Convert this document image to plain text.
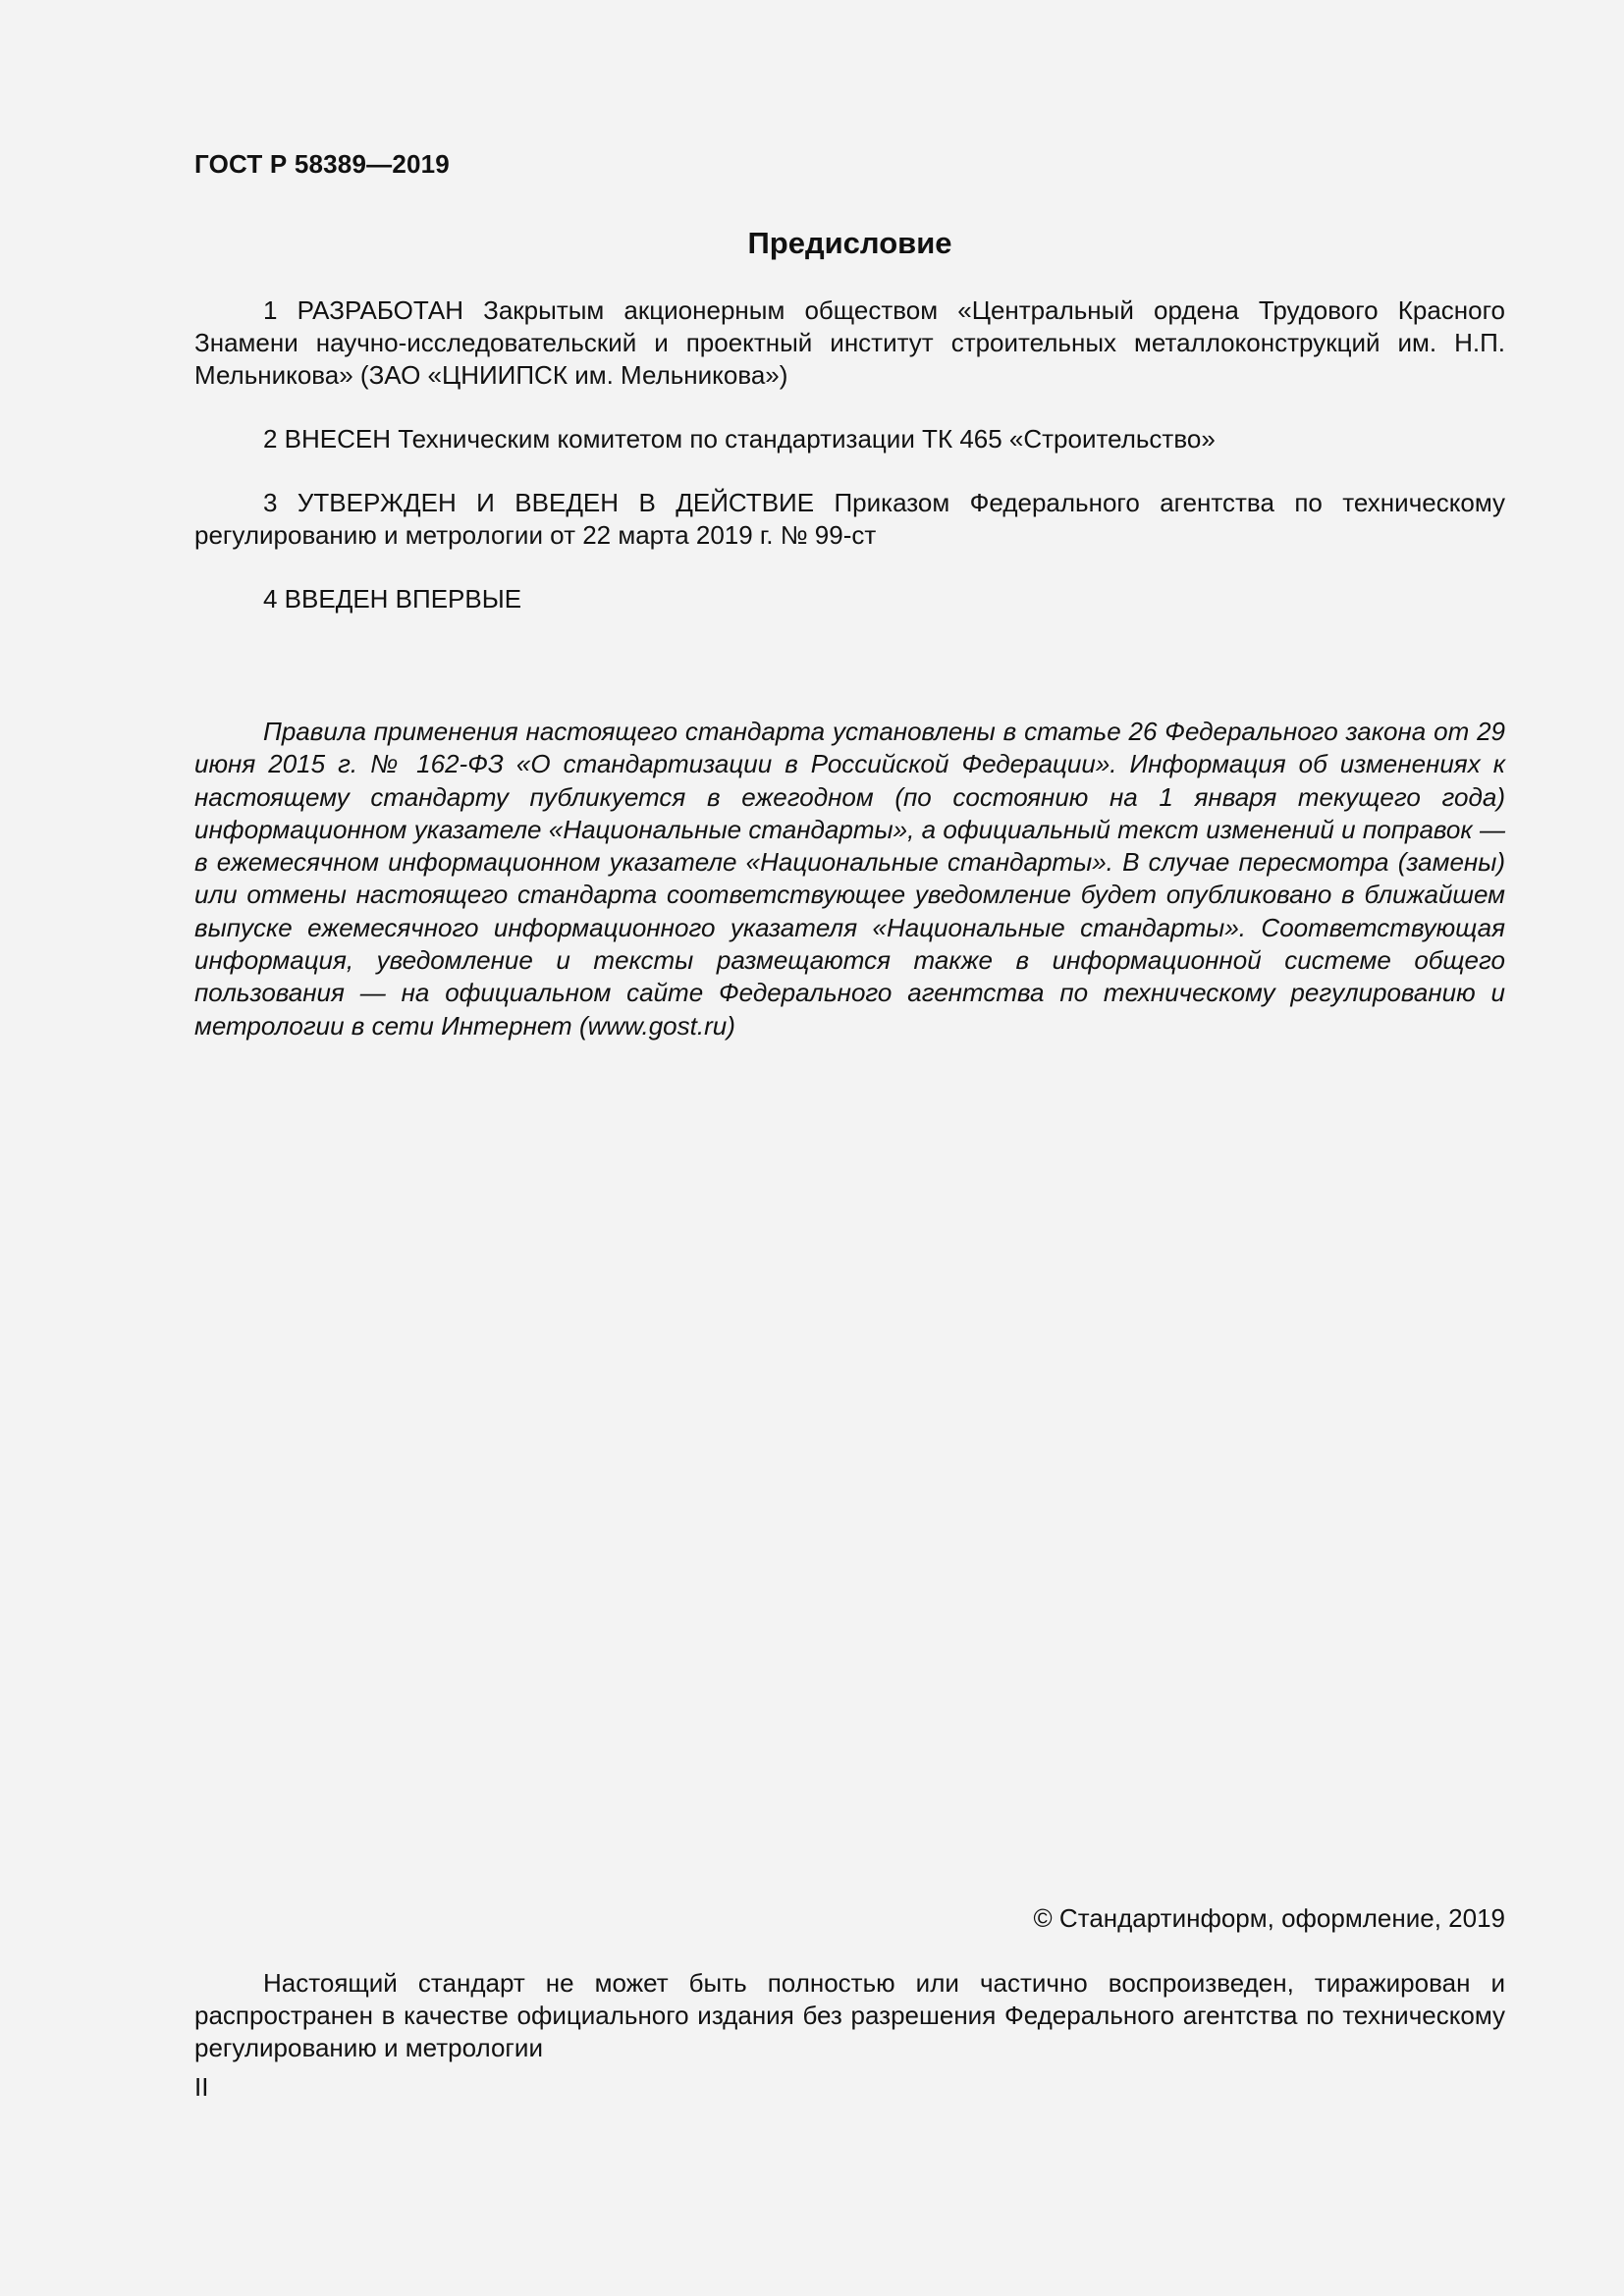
ГОСТ Р 58389—2019
Предисловие

1 РАЗРАБОТАН Закрытым акционерным обществом «Центральный ордена Трудового Красного Знамени научно-исследовательский и проектный институт строительных металлоконструкций им. Н.П. Мельникова» (ЗАО «ЦНИИПСК им. Мельникова»)

2 ВНЕСЕН Техническим комитетом по стандартизации ТК 465 «Строительство»

3 УТВЕРЖДЕН И ВВЕДЕН В ДЕЙСТВИЕ Приказом Федерального агентства по техническому регулированию и метрологии от 22 марта 2019 г. № 99-ст

4 ВВЕДЕН ВПЕРВЫЕ

Правила применения настоящего стандарта установлены в статье 26 Федерального закона от 29 июня 2015 г. № 162-ФЗ «О стандартизации в Российской Федерации». Информация об изменениях к настоящему стандарту публикуется в ежегодном (по состоянию на 1 января текущего года) информационном указателе «Национальные стандарты», а официальный текст изменений и поправок — в ежемесячном информационном указателе «Национальные стандарты». В случае пересмотра (замены) или отмены настоящего стандарта соответствующее уведомление будет опубликовано в ближайшем выпуске ежемесячного информационного указателя «Национальные стандарты». Соответствующая информация, уведомление и тексты размещаются также в информационной системе общего пользования — на официальном сайте Федерального агентства по техническому регулированию и метрологии в сети Интернет (www.gost.ru)

© Стандартинформ, оформление, 2019

Настоящий стандарт не может быть полностью или частично воспроизведен, тиражирован и распространен в качестве официального издания без разрешения Федерального агентства по техническому регулированию и метрологии

II
